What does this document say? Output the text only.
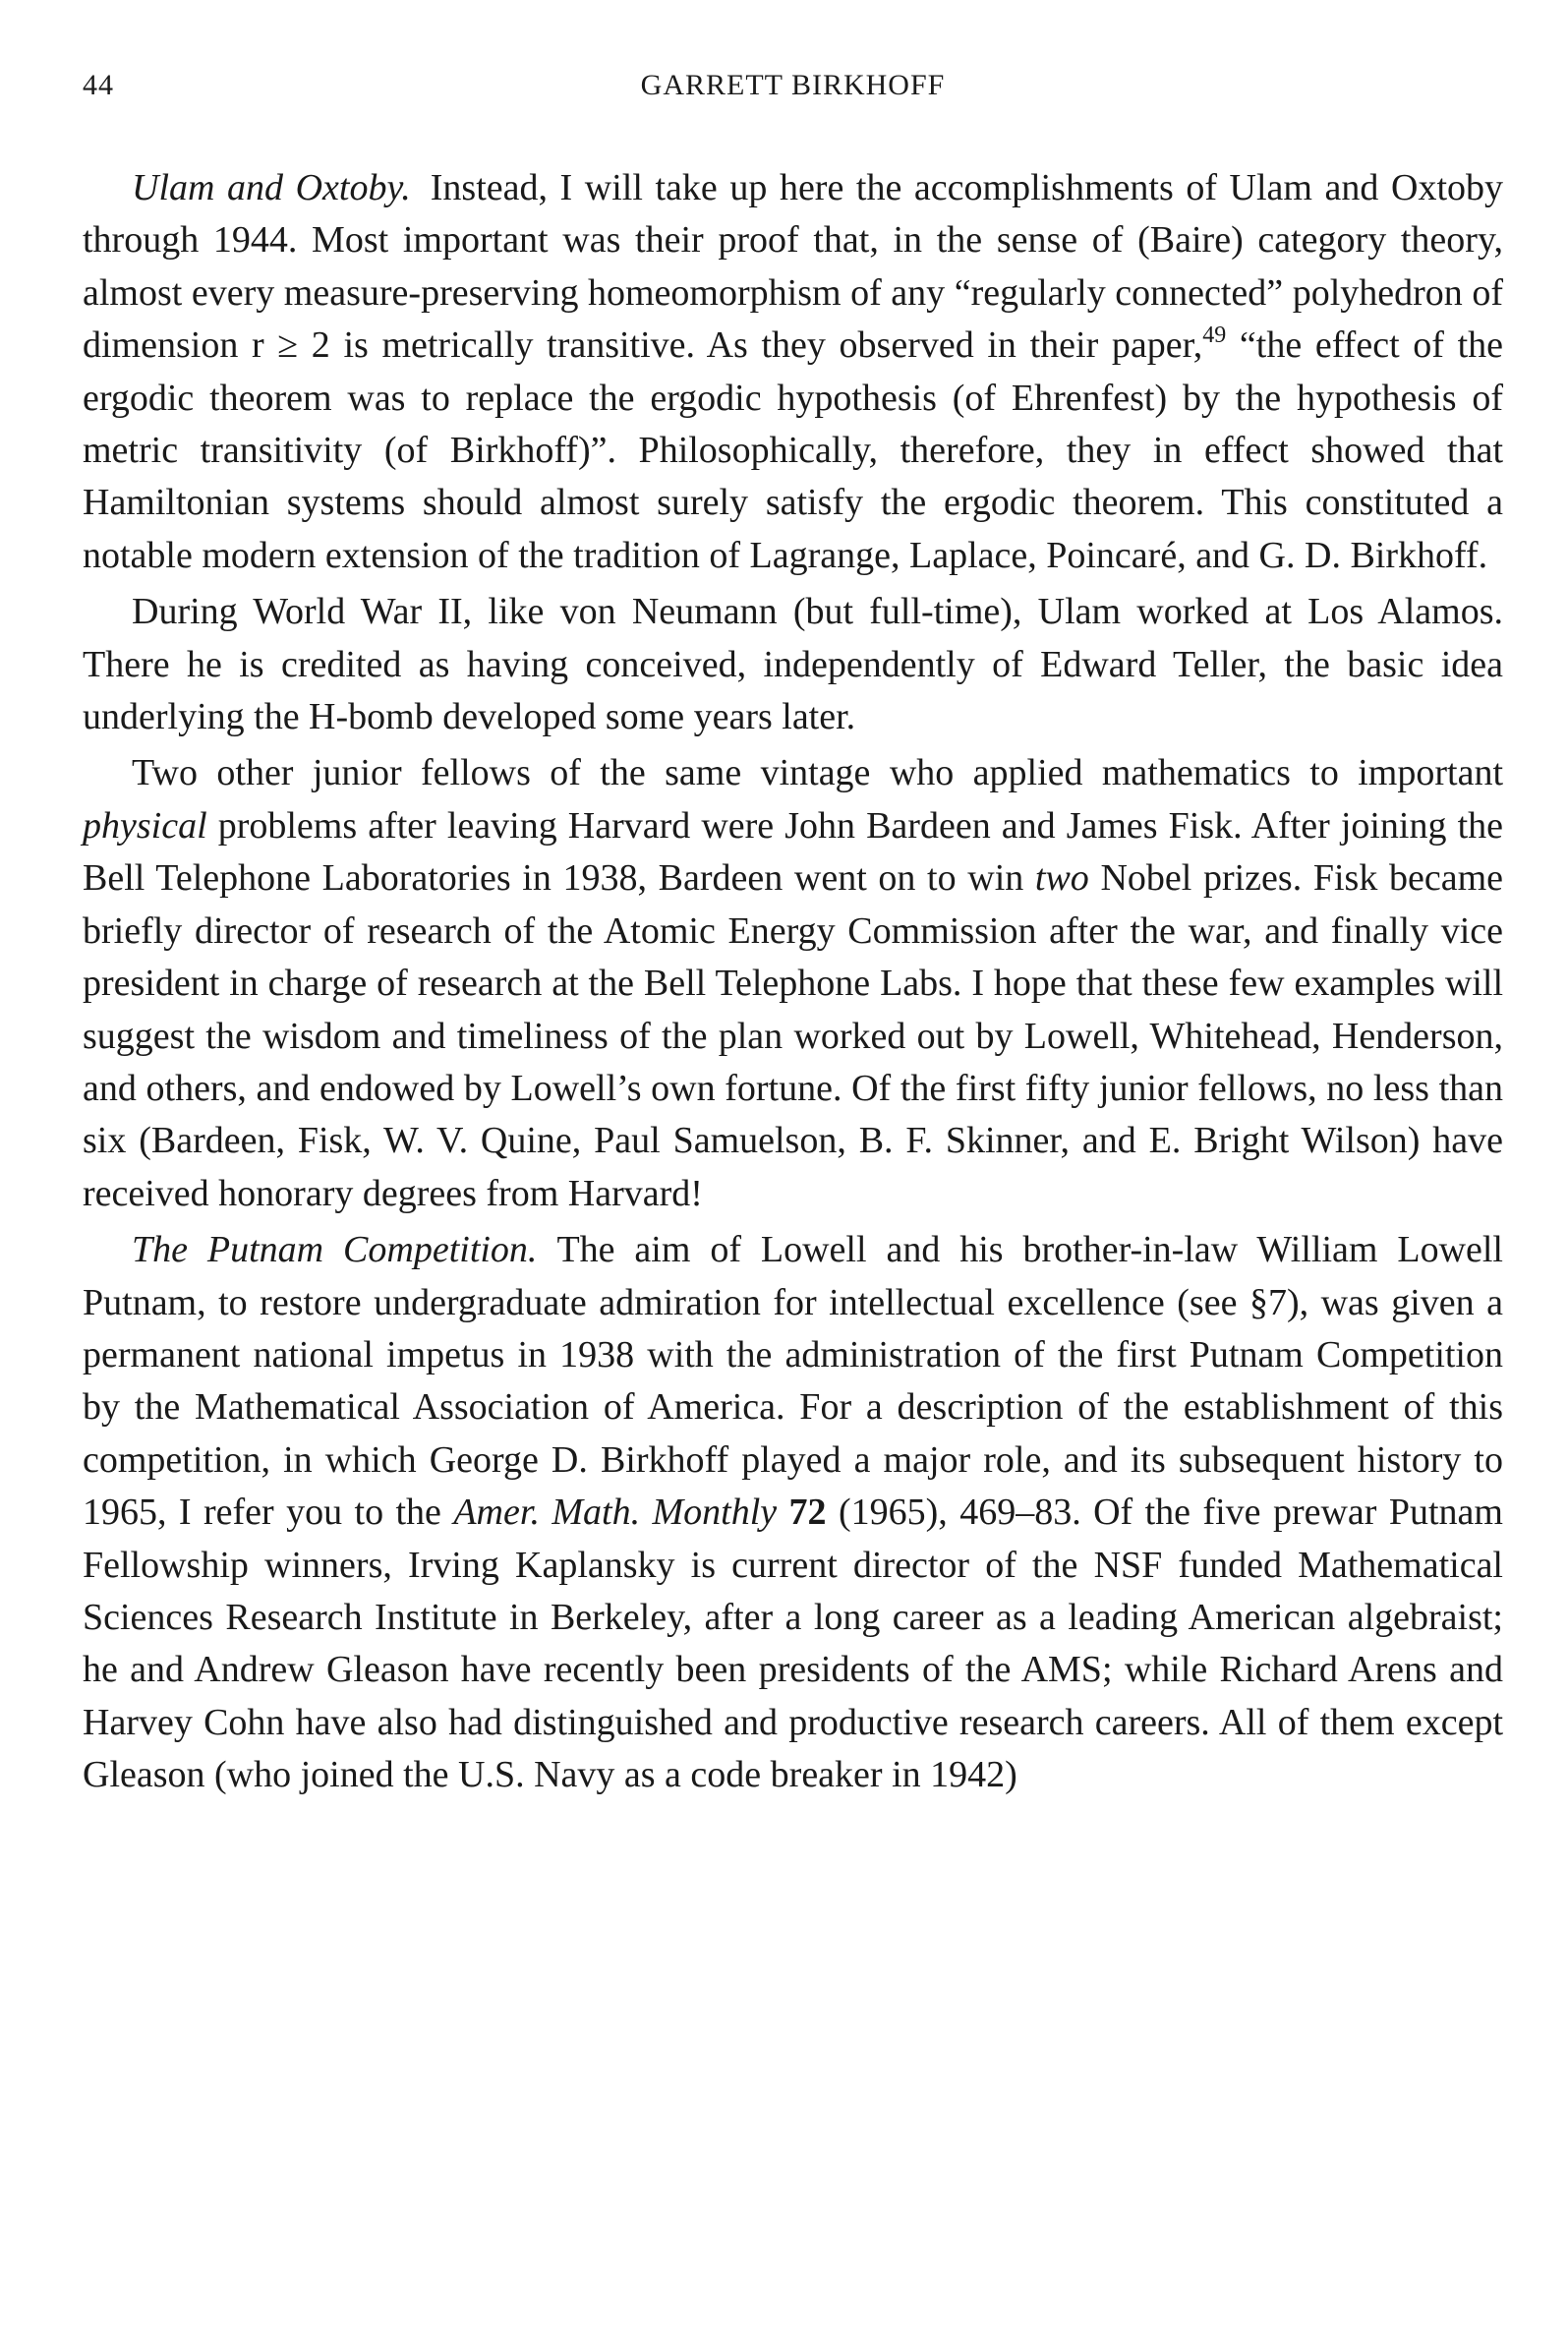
44	GARRETT BIRKHOFF

Ulam and Oxtoby. Instead, I will take up here the accomplishments of Ulam and Oxtoby through 1944. Most important was their proof that, in the sense of (Baire) category theory, almost every measure-preserving homeomorphism of any “regularly connected” polyhedron of dimension r ≥ 2 is metrically transitive. As they observed in their paper,$^{49}$ “the effect of the ergodic theorem was to replace the ergodic hypothesis (of Ehrenfest) by the hypothesis of metric transitivity (of Birkhoff)”. Philosophically, therefore, they in effect showed that Hamiltonian systems should almost surely satisfy the ergodic theorem. This constituted a notable modern extension of the tradition of Lagrange, Laplace, Poincaré, and G. D. Birkhoff.

During World War II, like von Neumann (but full-time), Ulam worked at Los Alamos. There he is credited as having conceived, independently of Edward Teller, the basic idea underlying the H-bomb developed some years later.

Two other junior fellows of the same vintage who applied mathematics to important physical problems after leaving Harvard were John Bardeen and James Fisk. After joining the Bell Telephone Laboratories in 1938, Bardeen went on to win two Nobel prizes. Fisk became briefly director of research of the Atomic Energy Commission after the war, and finally vice president in charge of research at the Bell Telephone Labs. I hope that these few examples will suggest the wisdom and timeliness of the plan worked out by Lowell, Whitehead, Henderson, and others, and endowed by Lowell’s own fortune. Of the first fifty junior fellows, no less than six (Bardeen, Fisk, W. V. Quine, Paul Samuelson, B. F. Skinner, and E. Bright Wilson) have received honorary degrees from Harvard!

The Putnam Competition. The aim of Lowell and his brother-in-law William Lowell Putnam, to restore undergraduate admiration for intellectual excellence (see §7), was given a permanent national impetus in 1938 with the administration of the first Putnam Competition by the Mathematical Association of America. For a description of the establishment of this competition, in which George D. Birkhoff played a major role, and its subsequent history to 1965, I refer you to the Amer. Math. Monthly 72 (1965), 469–83. Of the five prewar Putnam Fellowship winners, Irving Kaplansky is current director of the NSF funded Mathematical Sciences Research Institute in Berkeley, after a long career as a leading American algebraist; he and Andrew Gleason have recently been presidents of the AMS; while Richard Arens and Harvey Cohn have also had distinguished and productive research careers. All of them except Gleason (who joined the U.S. Navy as a code breaker in 1942)
